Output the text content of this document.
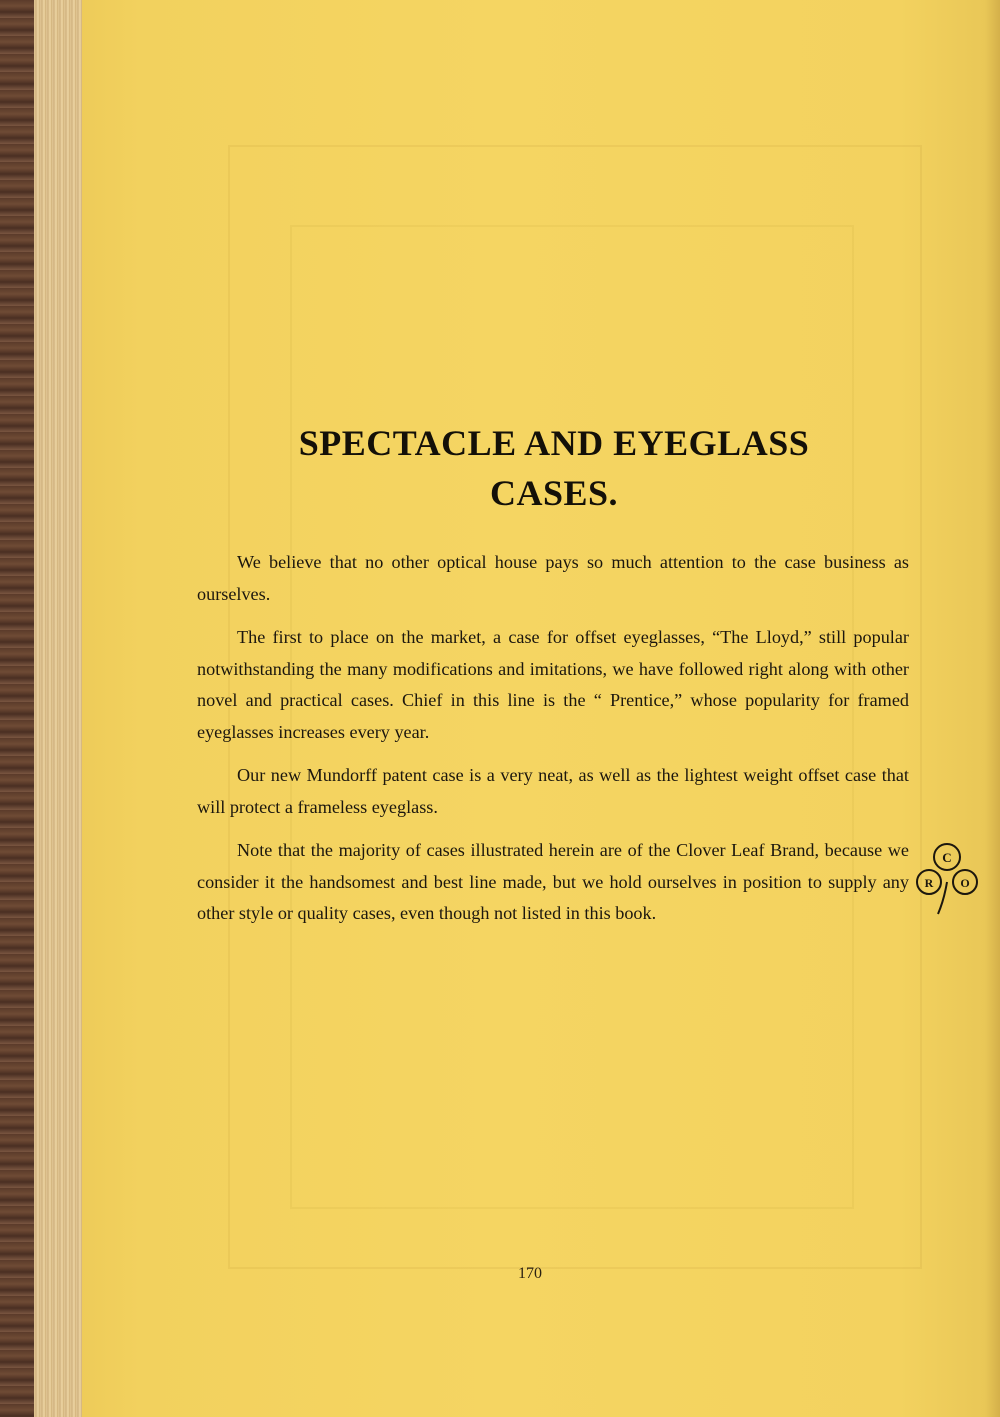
SPECTACLE AND EYEGLASS
CASES.

We believe that no other optical house pays so much attention to the case business as ourselves.

The first to place on the market, a case for offset eyeglasses, “The Lloyd,” still popular notwithstanding the many modifications and imitations, we have followed right along with other novel and practical cases. Chief in this line is the “ Prentice,” whose popularity for framed eyeglasses increases every year.

Our new Mundorff patent case is a very neat, as well as the lightest weight offset case that will protect a frameless eyeglass.

Note that the majority of cases illustrated herein are of the Clover Leaf Brand, because we consider it the handsomest and best line made, but we hold ourselves in position to supply any other style or quality cases, even though not listed in this book.

C
R O
170
